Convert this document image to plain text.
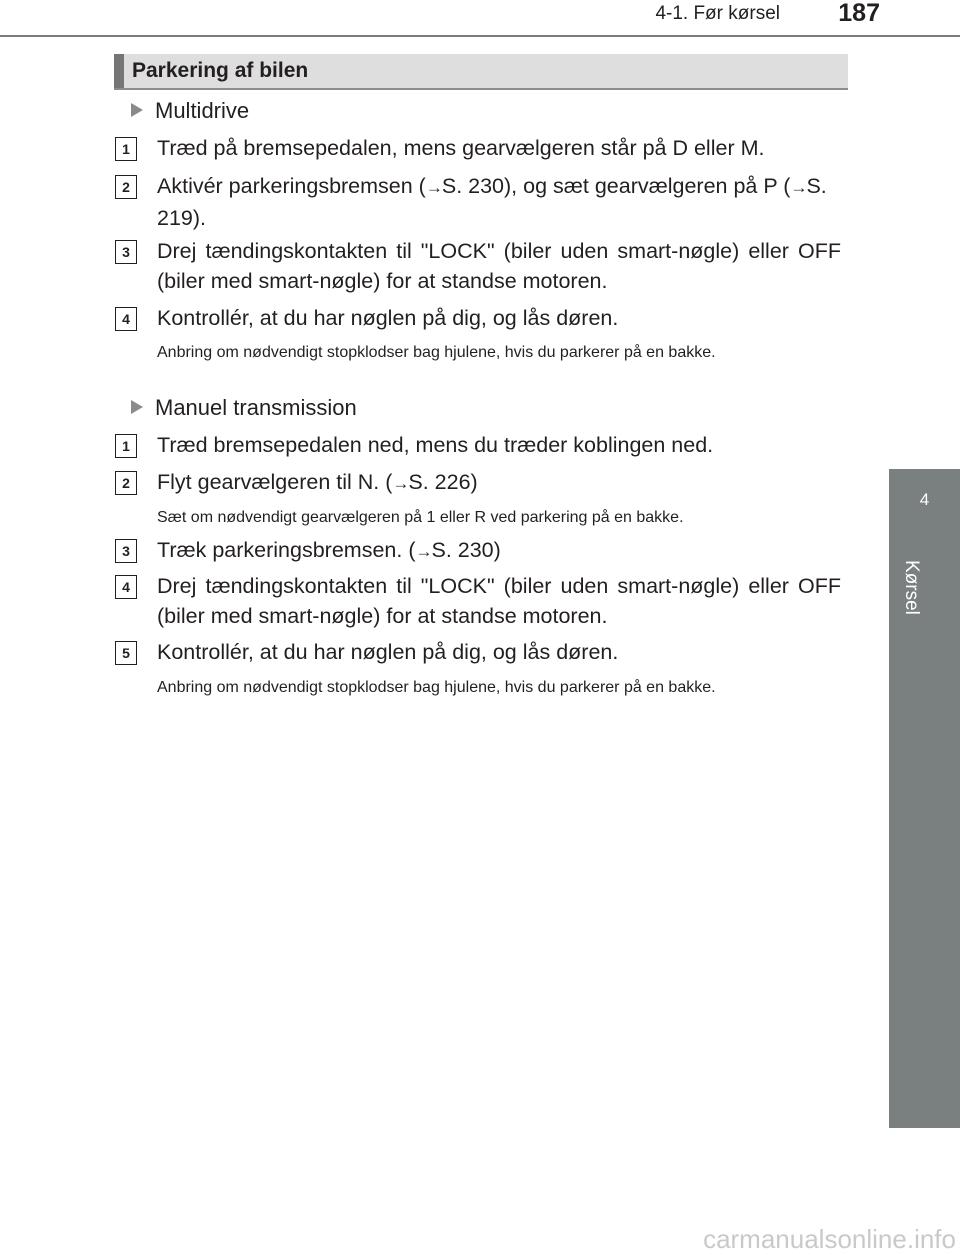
4-1. Før kørsel	187
4
Kørsel
Parkering af bilen
Multidrive
1	Træd på bremsepedalen, mens gearvælgeren står på D eller M.
2	Aktivér parkeringsbremsen (→S. 230), og sæt gearvælgeren på P (→S. 219).
3	Drej tændingskontakten til "LOCK" (biler uden smart-nøgle) eller OFF (biler med smart-nøgle) for at standse motoren.
4	Kontrollér, at du har nøglen på dig, og lås døren.
Anbring om nødvendigt stopklodser bag hjulene, hvis du parkerer på en bakke.
Manuel transmission
1	Træd bremsepedalen ned, mens du træder koblingen ned.
2	Flyt gearvælgeren til N. (→S. 226)
Sæt om nødvendigt gearvælgeren på 1 eller R ved parkering på en bakke.
3	Træk parkeringsbremsen. (→S. 230)
4	Drej tændingskontakten til "LOCK" (biler uden smart-nøgle) eller OFF (biler med smart-nøgle) for at standse motoren.
5	Kontrollér, at du har nøglen på dig, og lås døren.
Anbring om nødvendigt stopklodser bag hjulene, hvis du parkerer på en bakke.
carmanualsonline.info
